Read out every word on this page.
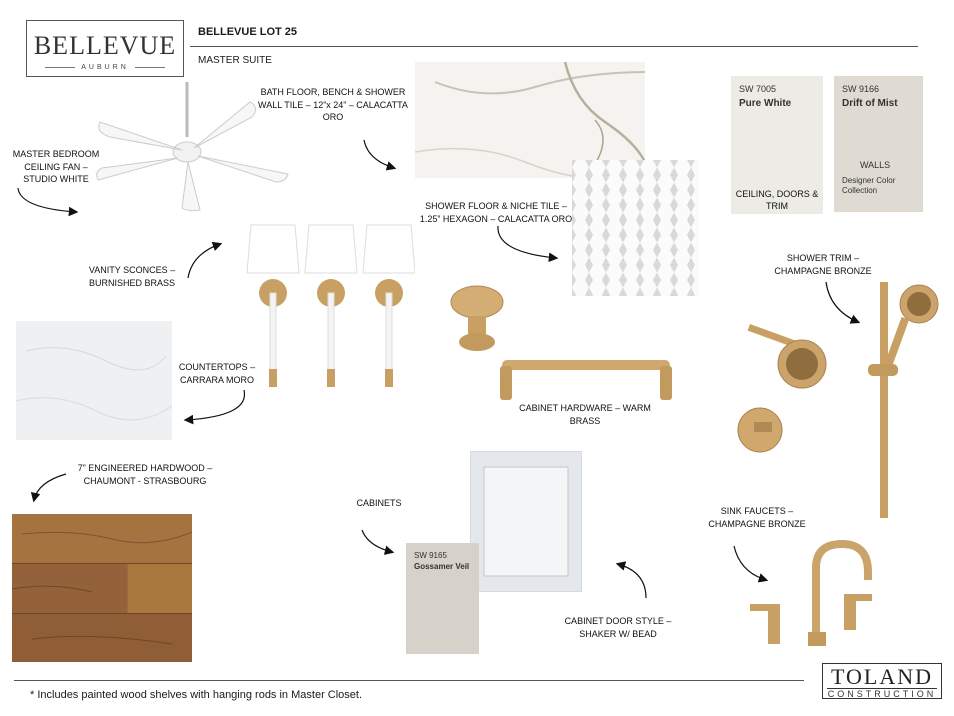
BELLEVUE
AUBURN
BELLEVUE LOT 25
MASTER SUITE
SW 7005
Pure White
CEILING, DOORS & TRIM
SW 9166
Drift of Mist
WALLS
Designer Color Collection
SW 9165
Gossamer Veil
BATH FLOOR, BENCH & SHOWER WALL TILE – 12”x 24” – CALACATTA ORO
MASTER BEDROOM CEILING FAN – STUDIO WHITE
SHOWER FLOOR & NICHE TILE – 1.25” HEXAGON – CALACATTA ORO
VANITY SCONCES – BURNISHED BRASS
COUNTERTOPS – CARRARA MORO
7” ENGINEERED HARDWOOD – CHAUMONT - STRASBOURG
CABINET HARDWARE – WARM BRASS
CABINETS
CABINET DOOR STYLE – SHAKER W/ BEAD
SHOWER TRIM – CHAMPAGNE BRONZE
SINK FAUCETS – CHAMPAGNE BRONZE
* Includes painted wood shelves with hanging rods in Master Closet.
TOLAND
CONSTRUCTION
